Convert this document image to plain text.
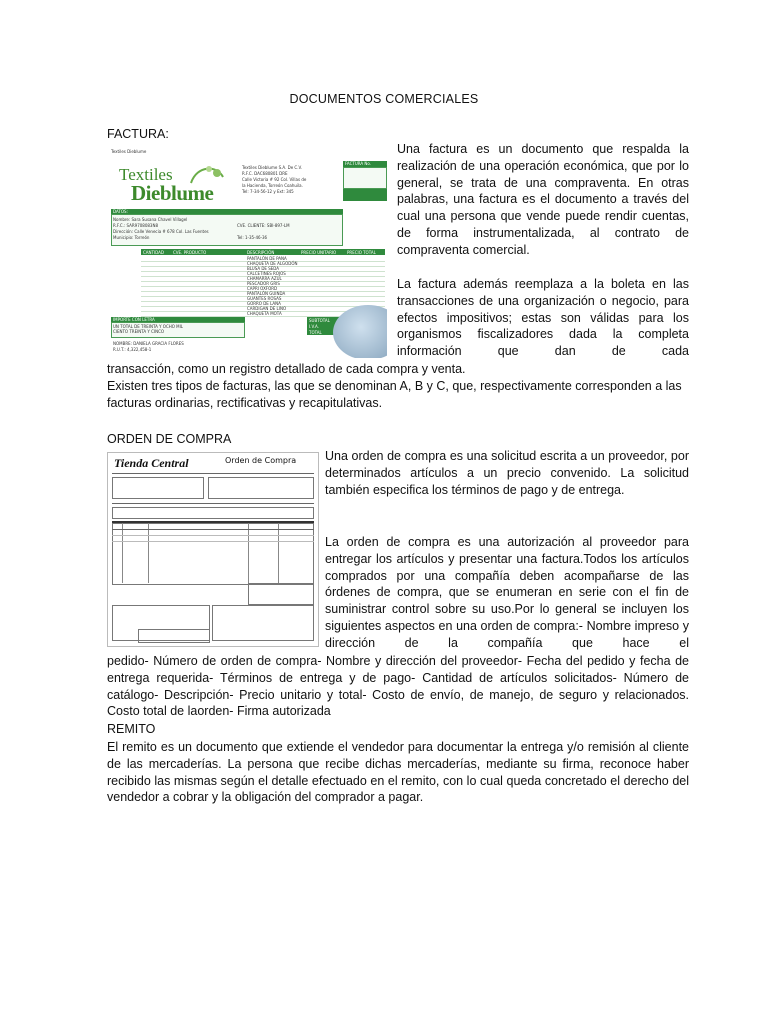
DOCUMENTOS COMERCIALES
FACTURA:
Textiles Dieblume
Textiles
Dieblume
Textiles Dieblume S.A. De C.V.
R.F.C. DAC680801 DRE
Calle Victoria # 92 Col. Villas de
la Hacienda, Torreón Coahuila.
Tel: 7-34-56-12 y Ext: 345
FACTURA No.
DATOS:
Nombre: Sara Susana Chavel Villagel
R.F.C.: SAR9708083N8
Dirección: Calle Venecia # 678 Col. Las Fuentes
Municipio: Torreón
CVE. CLIENTE: SBI-897-LM
Tel: 1-35-46-36
CANTIDAD CVE. PRODUCTO	DESCRIPCIÓN	PRECIO UNITARIO	PRECIO TOTAL
PANTALÓN DE PANA
CHAQUETA DE ALGODÓN
BLUSA DE SEDA
CALCETINES ROJOS
CHAMARRA AZUL
PESCADOR GRIS
CAPRI OXFORD
PANTALÓN GUINDA
GUANTES ROSAS
GORRO DE LANA
CARDIGAN DE LINO
CHAQUETA MOTA
IMPORTE CON LETRA
UN TOTAL DE TREINTA Y OCHO MIL
CIENTO TREINTA Y CINCO
SUBTOTAL
I.V.A.
TOTAL
NOMBRE: DANIELA GRACIA FLORES
R.U.T.: 4,322,458-1
Una factura es un documento que respalda la realización de una operación económica, que por lo general, se trata de una compraventa. En otras palabras, una factura es el documento a través del cual una persona que vende puede rendir cuentas, de forma instrumentalizada, al contrato de compraventa comercial.
La factura además reemplaza a la boleta en las transacciones de una organización o negocio, para efectos impositivos; estas son válidas para los organismos fiscalizadores dada la completa información que dan de cada
transacción, como un registro detallado de cada compra y venta.
Existen tres tipos de facturas, las que se denominan A, B y C, que, respectivamente corresponden a las facturas ordinarias, rectificativas y recapitulativas.
ORDEN DE COMPRA
Tienda Central	Orden de Compra Una orden de compra es una solicitud escrita a un proveedor, por determinados artículos a un precio convenido. La solicitud también especifica los términos de pago y de entrega.
La orden de compra es una autorización al proveedor para entregar los artículos y presentar una factura.Todos los artículos comprados por una compañía deben acompañarse de las órdenes de compra, que se enumeran en serie con el fin de suministrar control sobre su uso.Por lo general se incluyen los siguientes aspectos en una orden de compra:- Nombre impreso y dirección de la compañía que hace el
pedido- Número de orden de compra- Nombre y dirección del proveedor- Fecha del pedido y fecha de entrega requerida- Términos de entrega y de pago- Cantidad de artículos solicitados- Número de catálogo- Descripción- Precio unitario y total- Costo de envío, de manejo, de seguro y relacionados. Costo total de laorden- Firma autorizada
REMITO
El remito es un documento que extiende el vendedor para documentar la entrega y/o remisión al cliente de las mercaderías. La persona que recibe dichas mercaderías, mediante su firma, reconoce haber recibido las mismas según el detalle efectuado en el remito, con lo cual queda concretado el derecho del vendedor a cobrar y la obligación del comprador a pagar.
